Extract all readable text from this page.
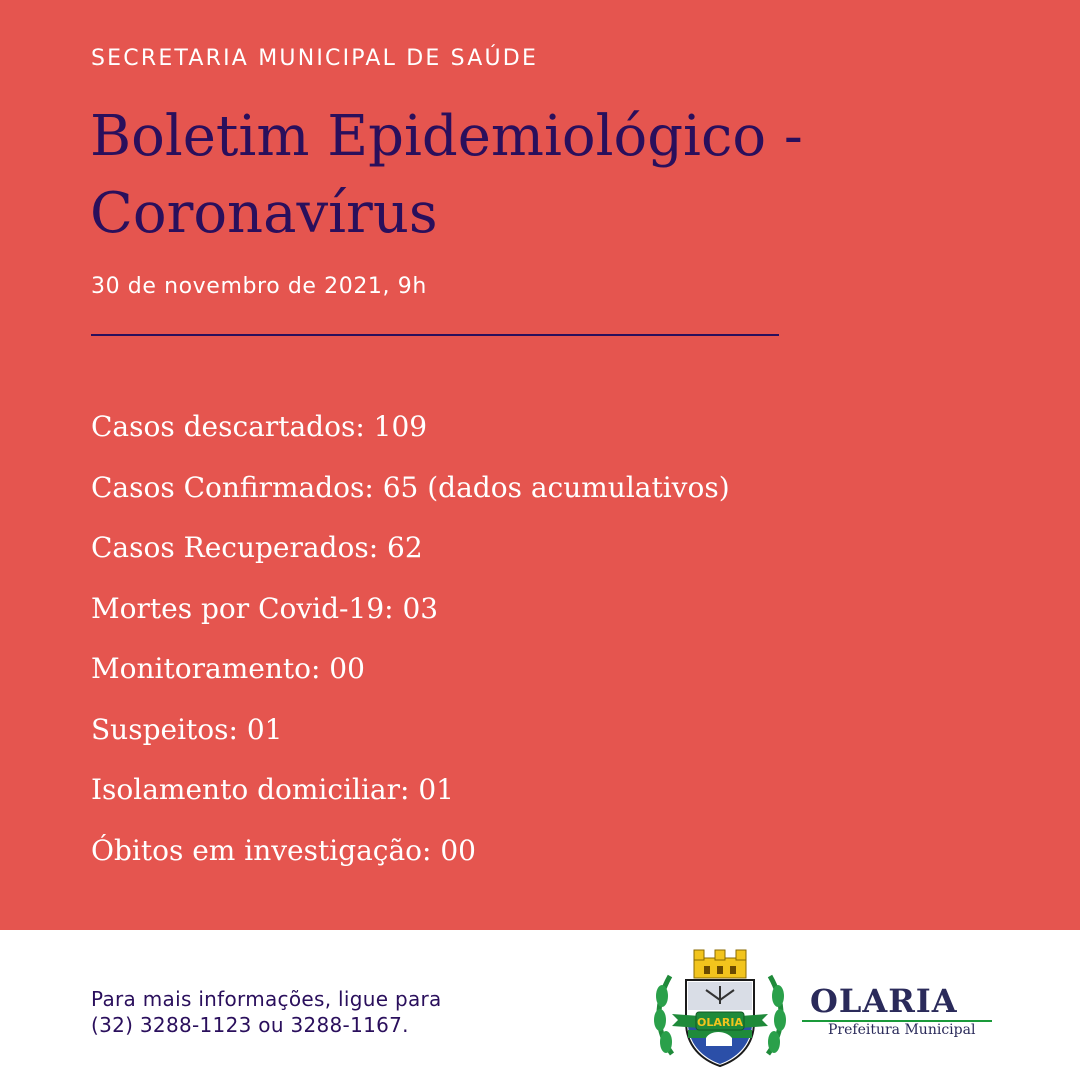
SECRETARIA MUNICIPAL DE SAÚDE
Boletim Epidemiológico -
Coronavírus
30 de novembro de 2021, 9h
Casos descartados: 109
Casos Confirmados: 65 (dados acumulativos)
Casos Recuperados: 62
Mortes por Covid-19: 03
Monitoramento: 00
Suspeitos: 01
Isolamento domiciliar: 01
Óbitos em investigação: 00
Para mais informações, ligue para
(32) 3288-1123 ou 3288-1167.	OLARIA
OLARIA
Prefeitura Municipal
